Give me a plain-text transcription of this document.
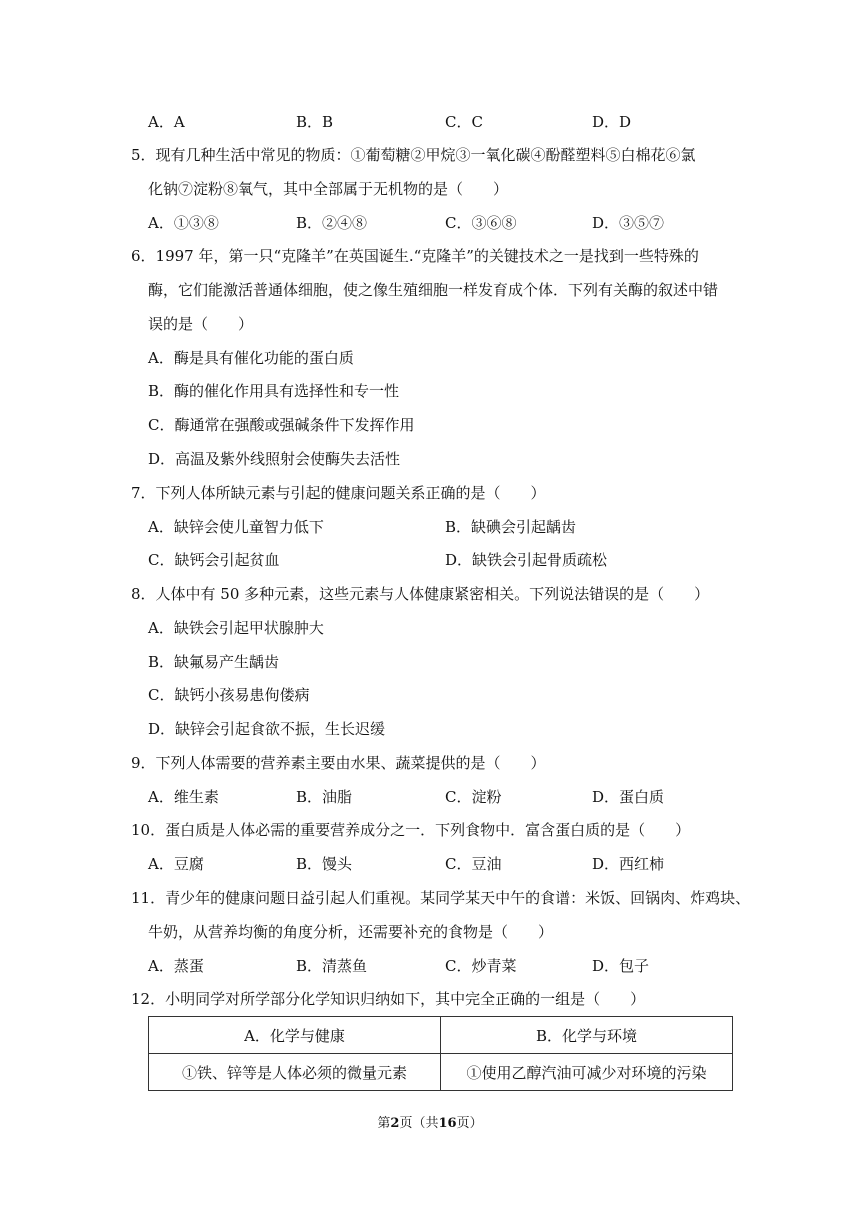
A．A	B．B	C．C	D．D
5．现有几种生活中常见的物质：①葡萄糖②甲烷③一氧化碳④酚醛塑料⑤白棉花⑥氯
化钠⑦淀粉⑧氧气，其中全部属于无机物的是（　　）
A．①③⑧	B．②④⑧	C．③⑥⑧	D．③⑤⑦
6．1997 年，第一只“克隆羊”在英国诞生.“克隆羊”的关键技术之一是找到一些特殊的
酶，它们能激活普通体细胞，使之像生殖细胞一样发育成个体．下列有关酶的叙述中错
误的是（　　）
A．酶是具有催化功能的蛋白质
B．酶的催化作用具有选择性和专一性
C．酶通常在强酸或强碱条件下发挥作用
D．高温及紫外线照射会使酶失去活性
7．下列人体所缺元素与引起的健康问题关系正确的是（　　）
A．缺锌会使儿童智力低下	B．缺碘会引起龋齿
C．缺钙会引起贫血	D．缺铁会引起骨质疏松
8．人体中有 50 多种元素，这些元素与人体健康紧密相关。下列说法错误的是（　　）
A．缺铁会引起甲状腺肿大
B．缺氟易产生龋齿
C．缺钙小孩易患佝偻病
D．缺锌会引起食欲不振，生长迟缓
9．下列人体需要的营养素主要由水果、蔬菜提供的是（　　）
A．维生素	B．油脂	C．淀粉	D．蛋白质
10．蛋白质是人体必需的重要营养成分之一．下列食物中．富含蛋白质的是（　　）
A．豆腐	B．馒头	C．豆油	D．西红柿
11．青少年的健康问题日益引起人们重视。某同学某天中午的食谱：米饭、回锅肉、炸鸡块、
牛奶，从营养均衡的角度分析，还需要补充的食物是（　　）
A．蒸蛋	B．清蒸鱼	C．炒青菜	D．包子
12．小明同学对所学部分化学知识归纳如下，其中完全正确的一组是（　　）
A．化学与健康	B．化学与环境
①铁、锌等是人体必须的微量元素	①使用乙醇汽油可减少对环境的污染
第2页（共16页）
